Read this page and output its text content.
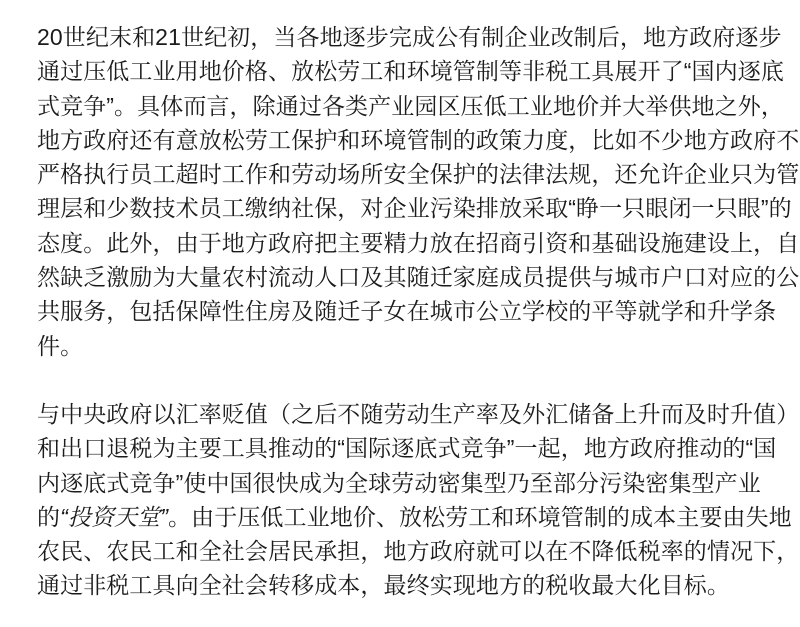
20世纪末和21世纪初，当各地逐步完成公有制企业改制后，地方政府逐步
通过压低工业用地价格、放松劳工和环境管制等非税工具展开了“国内逐底
式竞争”。具体而言，除通过各类产业园区压低工业地价并大举供地之外，
地方政府还有意放松劳工保护和环境管制的政策力度，比如不少地方政府不
严格执行员工超时工作和劳动场所安全保护的法律法规，还允许企业只为管
理层和少数技术员工缴纳社保，对企业污染排放采取“睁一只眼闭一只眼”的
态度。此外，由于地方政府把主要精力放在招商引资和基础设施建设上，自
然缺乏激励为大量农村流动人口及其随迁家庭成员提供与城市户口对应的公
共服务，包括保障性住房及随迁子女在城市公立学校的平等就学和升学条
件。
与中央政府以汇率贬值（之后不随劳动生产率及外汇储备上升而及时升值）
和出口退税为主要工具推动的“国际逐底式竞争”一起，地方政府推动的“国
内逐底式竞争”使中国很快成为全球劳动密集型乃至部分污染密集型产业
的“投资天堂”。由于压低工业地价、放松劳工和环境管制的成本主要由失地
农民、农民工和全社会居民承担，地方政府就可以在不降低税率的情况下，
通过非税工具向全社会转移成本，最终实现地方的税收最大化目标。
